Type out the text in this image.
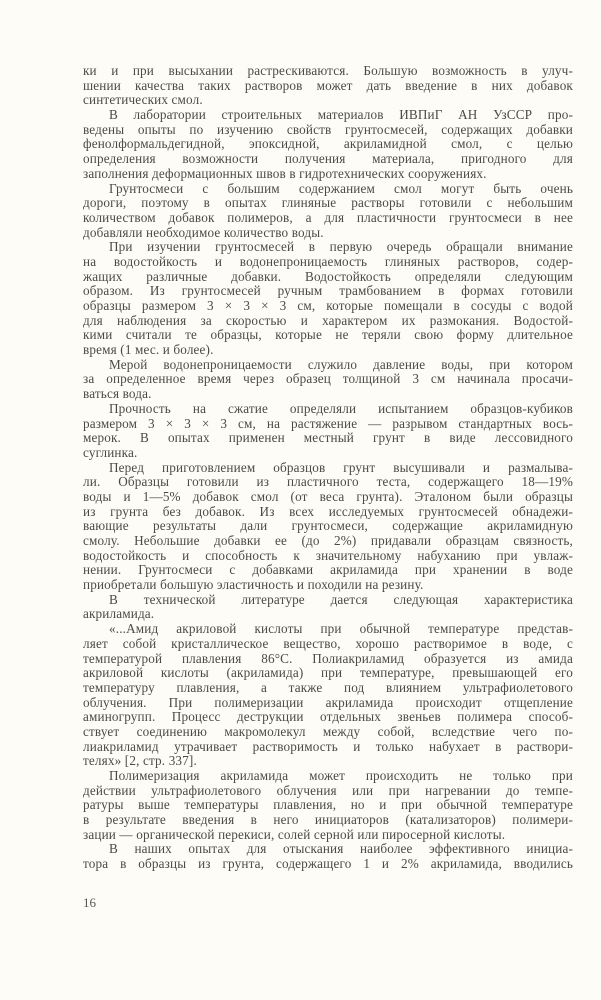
ки и при высыхании растрескиваются. Большую возможность в улуч-
шении качества таких растворов может дать введение в них добавок
синтетических смол.
В лаборатории строительных материалов ИВПиГ АН УзССР про-
ведены опыты по изучению свойств грунтосмесей, содержащих добавки
фенолформальдегидной, эпоксидной, акриламидной смол, с целью
определения возможности получения материала, пригодного для
заполнения деформационных швов в гидротехнических сооружениях.
Грунтосмеси с большим содержанием смол могут быть очень
дороги, поэтому в опытах глиняные растворы готовили с небольшим
количеством добавок полимеров, а для пластичности грунтосмеси в нее
добавляли необходимое количество воды.
При изучении грунтосмесей в первую очередь обращали внимание
на водостойкость и водонепроницаемость глиняных растворов, содер-
жащих различные добавки. Водостойкость определяли следующим
образом. Из грунтосмесей ручным трамбованием в формах готовили
образцы размером 3 × 3 × 3 см, которые помещали в сосуды с водой
для наблюдения за скоростью и характером их размокания. Водостой-
кими считали те образцы, которые не теряли свою форму длительное
время (1 мес. и более).
Мерой водонепроницаемости служило давление воды, при котором
за определенное время через образец толщиной 3 см начинала просачи-
ваться вода.
Прочность на сжатие определяли испытанием образцов-кубиков
размером 3 × 3 × 3 см, на растяжение — разрывом стандартных вось-
мерок. В опытах применен местный грунт в виде лессовидного
суглинка.
Перед приготовлением образцов грунт высушивали и размалыва-
ли. Образцы готовили из пластичного теста, содержащего 18—19%
воды и 1—5% добавок смол (от веса грунта). Эталоном были образцы
из грунта без добавок. Из всех исследуемых грунтосмесей обнадежи-
вающие результаты дали грунтосмеси, содержащие акриламидную
смолу. Небольшие добавки ее (до 2%) придавали образцам связность,
водостойкость и способность к значительному набуханию при увлаж-
нении. Грунтосмеси с добавками акриламида при хранении в воде
приобретали большую эластичность и походили на резину.
В технической литературе дается следующая характеристика
акриламида.
«...Амид акриловой кислоты при обычной температуре представ-
ляет собой кристаллическое вещество, хорошо растворимое в воде, с
температурой плавления 86°С. Полиакриламид образуется из амида
акриловой кислоты (акриламида) при температуре, превышающей его
температуру плавления, а также под влиянием ультрафиолетового
облучения. При полимеризации акриламида происходит отщепление
аминогрупп. Процесс деструкции отдельных звеньев полимера способ-
ствует соединению макромолекул между собой, вследствие чего по-
лиакриламид утрачивает растворимость и только набухает в раствори-
телях» [2, стр. 337].
Полимеризация акриламида может происходить не только при
действии ультрафиолетового облучения или при нагревании до темпе-
ратуры выше температуры плавления, но и при обычной температуре
в результате введения в него инициаторов (катализаторов) полимери-
зации — органической перекиси, солей серной или пиросерной кислоты.
В наших опытах для отыскания наиболее эффективного инициа-
тора в образцы из грунта, содержащего 1 и 2% акриламида, вводились
16
